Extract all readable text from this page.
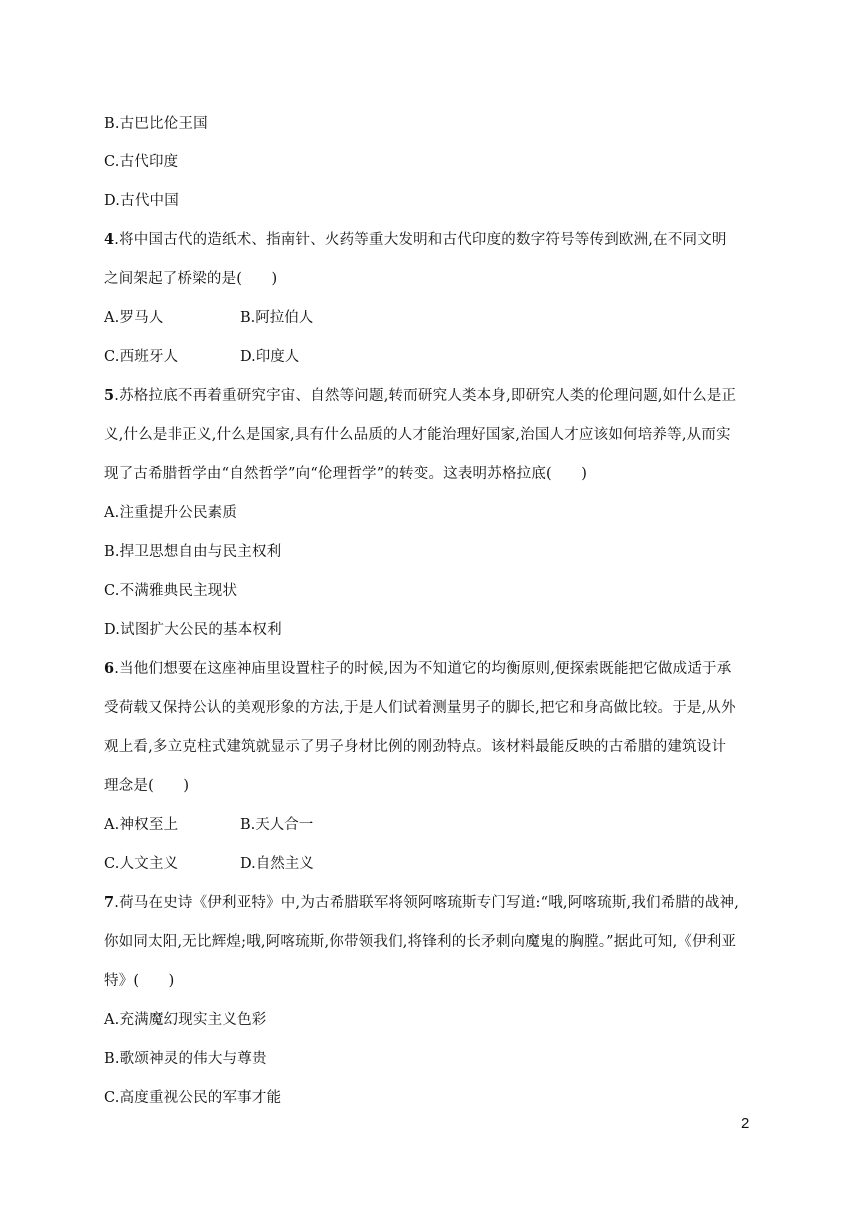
B.古巴比伦王国
C.古代印度
D.古代中国
4.将中国古代的造纸术、指南针、火药等重大发明和古代印度的数字符号等传到欧洲,在不同文明
之间架起了桥梁的是(　　)
A.罗马人	B.阿拉伯人
C.西班牙人	D.印度人
5.苏格拉底不再着重研究宇宙、自然等问题,转而研究人类本身,即研究人类的伦理问题,如什么是正
义,什么是非正义,什么是国家,具有什么品质的人才能治理好国家,治国人才应该如何培养等,从而实
现了古希腊哲学由“自然哲学”向“伦理哲学”的转变。这表明苏格拉底(　　)
A.注重提升公民素质
B.捍卫思想自由与民主权利
C.不满雅典民主现状
D.试图扩大公民的基本权利
6.当他们想要在这座神庙里设置柱子的时候,因为不知道它的均衡原则,便探索既能把它做成适于承
受荷载又保持公认的美观形象的方法,于是人们试着测量男子的脚长,把它和身高做比较。于是,从外
观上看,多立克柱式建筑就显示了男子身材比例的刚劲特点。该材料最能反映的古希腊的建筑设计
理念是(　　)
A.神权至上	B.天人合一
C.人文主义	D.自然主义
7.荷马在史诗《伊利亚特》中,为古希腊联军将领阿喀琉斯专门写道:“哦,阿喀琉斯,我们希腊的战神,
你如同太阳,无比辉煌;哦,阿喀琉斯,你带领我们,将锋利的长矛刺向魔鬼的胸膛。”据此可知,《伊利亚
特》(　　)
A.充满魔幻现实主义色彩
B.歌颂神灵的伟大与尊贵
C.高度重视公民的军事才能
2
